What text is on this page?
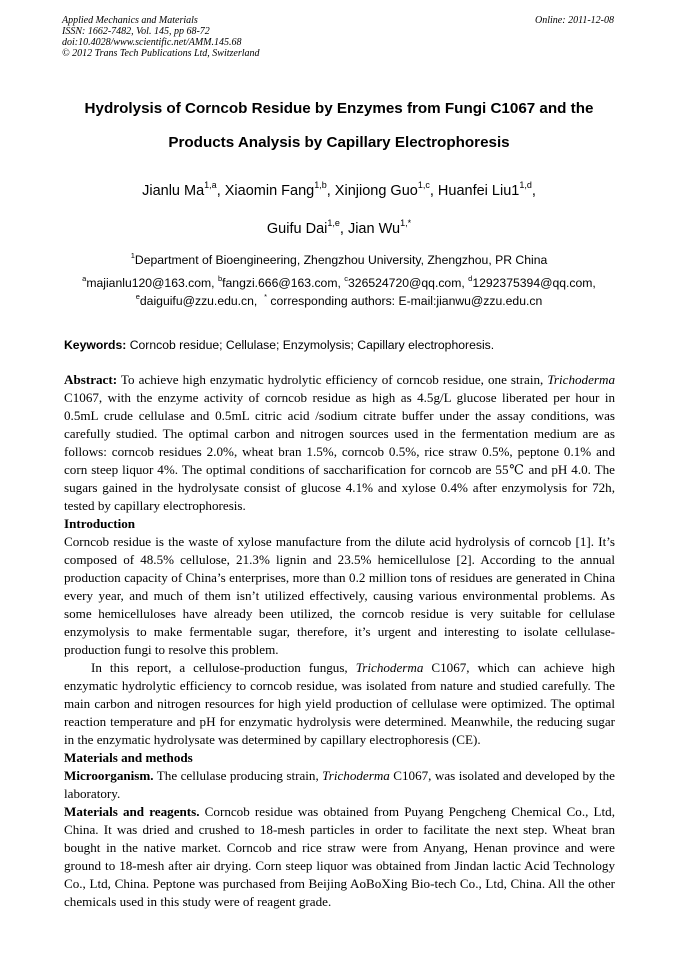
Applied Mechanics and Materials
ISSN: 1662-7482, Vol. 145, pp 68-72
doi:10.4028/www.scientific.net/AMM.145.68
© 2012 Trans Tech Publications Ltd, Switzerland
Online: 2011-12-08
Hydrolysis of Corncob Residue by Enzymes from Fungi C1067 and the
Products Analysis by Capillary Electrophoresis
Jianlu Ma$^{1,a}$, Xiaomin Fang$^{1,b}$, Xinjiong Guo$^{1,c}$, Huanfei Liu1$^{1,d}$,
Guifu Dai$^{1,e}$, Jian $Wu^{1,*}$
$^1$Department of Bioengineering, Zhengzhou University, Zhengzhou, PR China
$^a$majianlu120@163.com, $^b$fangzi.666@163.com, $^c$326524720@qq.com, $^d$1292375394@qq.com,
$^e$daiguifu@zzu.edu.cn, * corresponding authors: E-mail:jianwu@zzu.edu.cn
Keywords: Corncob residue; Cellulase; Enzymolysis; Capillary electrophoresis.

Abstract: To achieve high enzymatic hydrolytic efficiency of corncob residue, one strain, Trichoderma C1067, with the enzyme activity of corncob residue as high as 4.5g/L glucose liberated per hour in 0.5mL crude cellulase and 0.5mL citric acid /sodium citrate buffer under the assay conditions, was carefully studied. The optimal carbon and nitrogen sources used in the fermentation medium are as follows: corncob residues 2.0%, wheat bran 1.5%, corncob 0.5%, rice straw 0.5%, peptone 0.1% and corn steep liquor 4%. The optimal conditions of saccharification for corncob are 55℃ and pH 4.0. The sugars gained in the hydrolysate consist of glucose 4.1% and xylose 0.4% after enzymolysis for 72h, tested by capillary electrophoresis.

Introduction

Corncob residue is the waste of xylose manufacture from the dilute acid hydrolysis of corncob [1]. It’s composed of 48.5% cellulose, 21.3% lignin and 23.5% hemicellulose [2]. According to the annual production capacity of China’s enterprises, more than 0.2 million tons of residues are generated in China every year, and much of them isn’t utilized effectively, causing various environmental problems. As some hemicelluloses have already been utilized, the corncob residue is very suitable for cellulase enzymolysis to make fermentable sugar, therefore, it’s urgent and interesting to isolate cellulase-production fungi to resolve this problem.

In this report, a cellulose-production fungus, Trichoderma C1067, which can achieve high enzymatic hydrolytic efficiency to corncob residue, was isolated from nature and studied carefully. The main carbon and nitrogen resources for high yield production of cellulase were optimized. The optimal reaction temperature and pH for enzymatic hydrolysis were determined. Meanwhile, the reducing sugar in the enzymatic hydrolysate was determined by capillary electrophoresis (CE).

Materials and methods

Microorganism. The cellulase producing strain, Trichoderma C1067, was isolated and developed by the laboratory.

Materials and reagents. Corncob residue was obtained from Puyang Pengcheng Chemical Co., Ltd, China. It was dried and crushed to 18-mesh particles in order to facilitate the next step. Wheat bran bought in the native market. Corncob and rice straw were from Anyang, Henan province and were ground to 18-mesh after air drying. Corn steep liquor was obtained from Jindan lactic Acid Technology Co., Ltd, China. Peptone was purchased from Beijing AoBoXing Bio-tech Co., Ltd, China. All the other chemicals used in this study were of reagent grade.
